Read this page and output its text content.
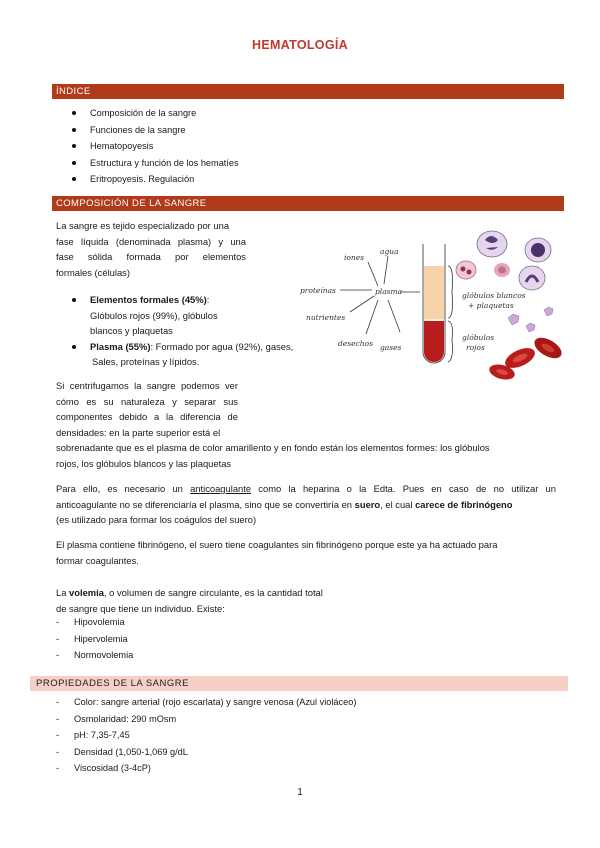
HEMATOLOGÍA
ÍNDICE
Composición de la sangre
Funciones de la sangre
Hematopoyesis
Estructura y función de los hematíes
Eritropoyesis. Regulación
COMPOSICIÓN DE LA SANGRE
La sangre es tejido especializado por una
fase líquida (denominada plasma) y una
fase sólida formada por elementos
formales (células)
Elementos formales (45%):
Glóbulos rojos (99%), glóbulos
blancos y plaquetas
Plasma (55%): Formado por agua (92%), gases,
Sales, proteínas y lípidos.
iones
agua
proteínas	plasma
nutrientes
desechos gases
glóbulos blancos
+ plaquetas
glóbulos
rojos
Si centrifugamos la sangre podemos ver
cómo es su naturaleza y separar sus
componentes debido a la diferencia de
densidades: en la parte superior está el
sobrenadante que es el plasma de color amarillento y en fondo están los elementos formes: los glóbulos
rojos, los glóbulos blancos y las plaquetas
Para ello, es necesario un anticoagulante como la heparina o la Edta. Pues en caso de no utilizar un
anticoagulante no se diferenciaría el plasma, sino que se convertiría en suero, el cual carece de fibrinógeno
(es utilizado para formar los coágulos del suero)
El plasma contiene fibrinógeno, el suero tiene coagulantes sin fibrinógeno porque este ya ha actuado para
formar coagulantes.
La volemia, o volumen de sangre circulante, es la cantidad total
de sangre que tiene un individuo. Existe:
- Hipovolemia
- Hipervolemia
- Normovolemia
PROPIEDADES DE LA SANGRE
- Color: sangre arterial (rojo escarlata) y sangre venosa (Azul violáceo)
- Osmolaridad: 290 mOsm
- pH: 7,35-7,45
- Densidad (1,050-1,069 g/dL
- Viscosidad (3-4cP)
1
